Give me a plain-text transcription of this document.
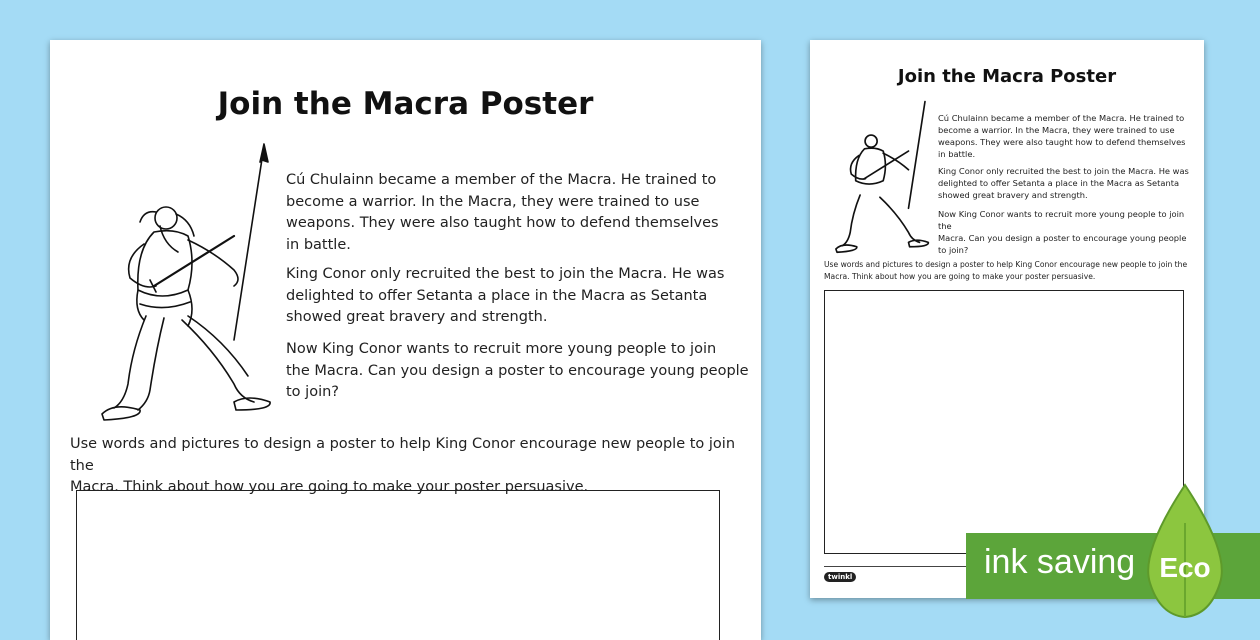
Join the Macra Poster

Cú Chulainn became a member of the Macra. He trained to
become a warrior. In the Macra, they were trained to use
weapons. They were also taught how to defend themselves
in battle.

King Conor only recruited the best to join the Macra. He was
delighted to offer Setanta a place in the Macra as Setanta
showed great bravery and strength.

Now King Conor wants to recruit more young people to join
the Macra. Can you design a poster to encourage young people
to join?

Use words and pictures to design a poster to help King Conor encourage new people to join the
Macra. Think about how you are going to make your poster persuasive.

Join the Macra Poster

Cú Chulainn became a member of the Macra. He trained to
become a warrior. In the Macra, they were trained to use
weapons. They were also taught how to defend themselves
in battle.

King Conor only recruited the best to join the Macra. He was
delighted to offer Setanta a place in the Macra as Setanta
showed great bravery and strength.

Now King Conor wants to recruit more young people to join the
Macra. Can you design a poster to encourage young people
to join?

Use words and pictures to design a poster to help King Conor encourage new people to join the
Macra. Think about how you are going to make your poster persuasive.

twinkl	ink saving Eco
